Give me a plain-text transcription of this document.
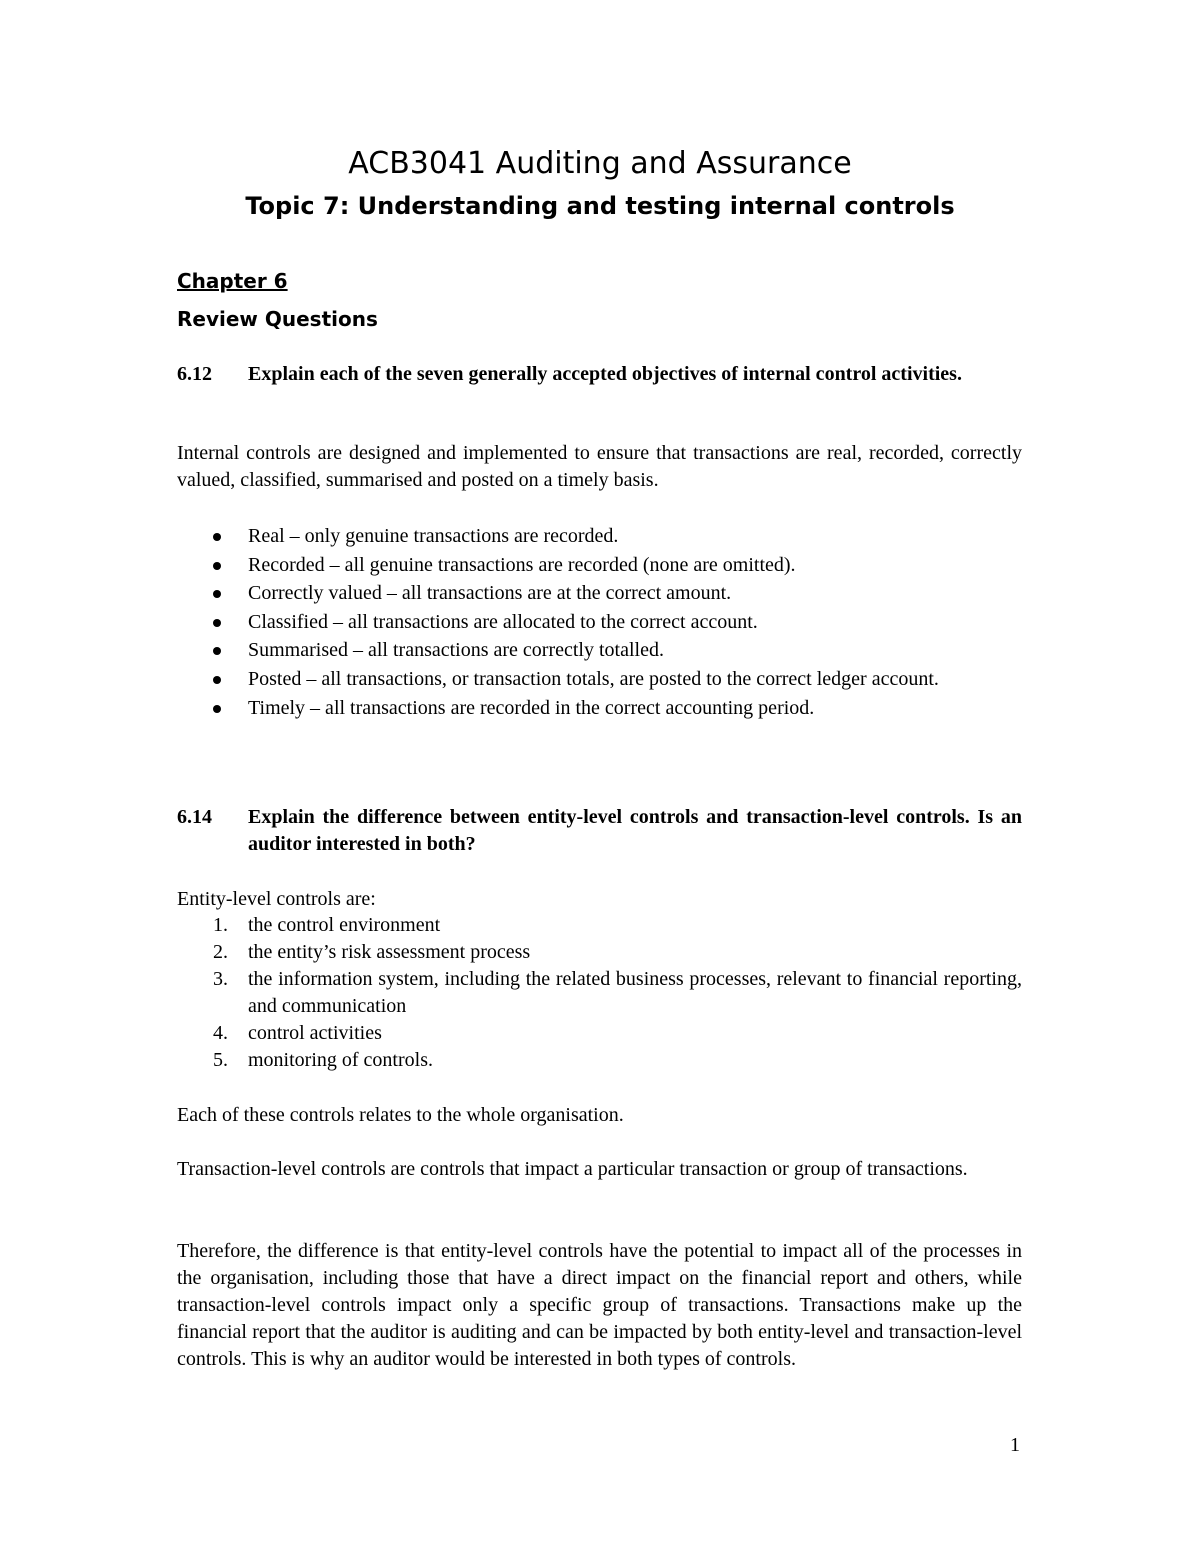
ACB3041 Auditing and Assurance
Topic 7: Understanding and testing internal controls
Chapter 6
Review Questions
6.12 Explain each of the seven generally accepted objectives of internal control activities.
Internal controls are designed and implemented to ensure that transactions are real, recorded, correctly valued, classified, summarised and posted on a timely basis.
Real – only genuine transactions are recorded.
Recorded – all genuine transactions are recorded (none are omitted).
Correctly valued – all transactions are at the correct amount.
Classified – all transactions are allocated to the correct account.
Summarised – all transactions are correctly totalled.
Posted – all transactions, or transaction totals, are posted to the correct ledger account.
Timely – all transactions are recorded in the correct accounting period.
6.14 Explain the difference between entity-level controls and transaction-level controls. Is an auditor interested in both?
Entity-level controls are:
1. the control environment
2. the entity’s risk assessment process
3. the information system, including the related business processes, relevant to financial reporting, and communication
4. control activities
5. monitoring of controls.
Each of these controls relates to the whole organisation.
Transaction-level controls are controls that impact a particular transaction or group of transactions.
Therefore, the difference is that entity-level controls have the potential to impact all of the processes in the organisation, including those that have a direct impact on the financial report and others, while transaction-level controls impact only a specific group of transactions. Transactions make up the financial report that the auditor is auditing and can be impacted by both entity-level and transaction-level controls. This is why an auditor would be interested in both types of controls.
1
